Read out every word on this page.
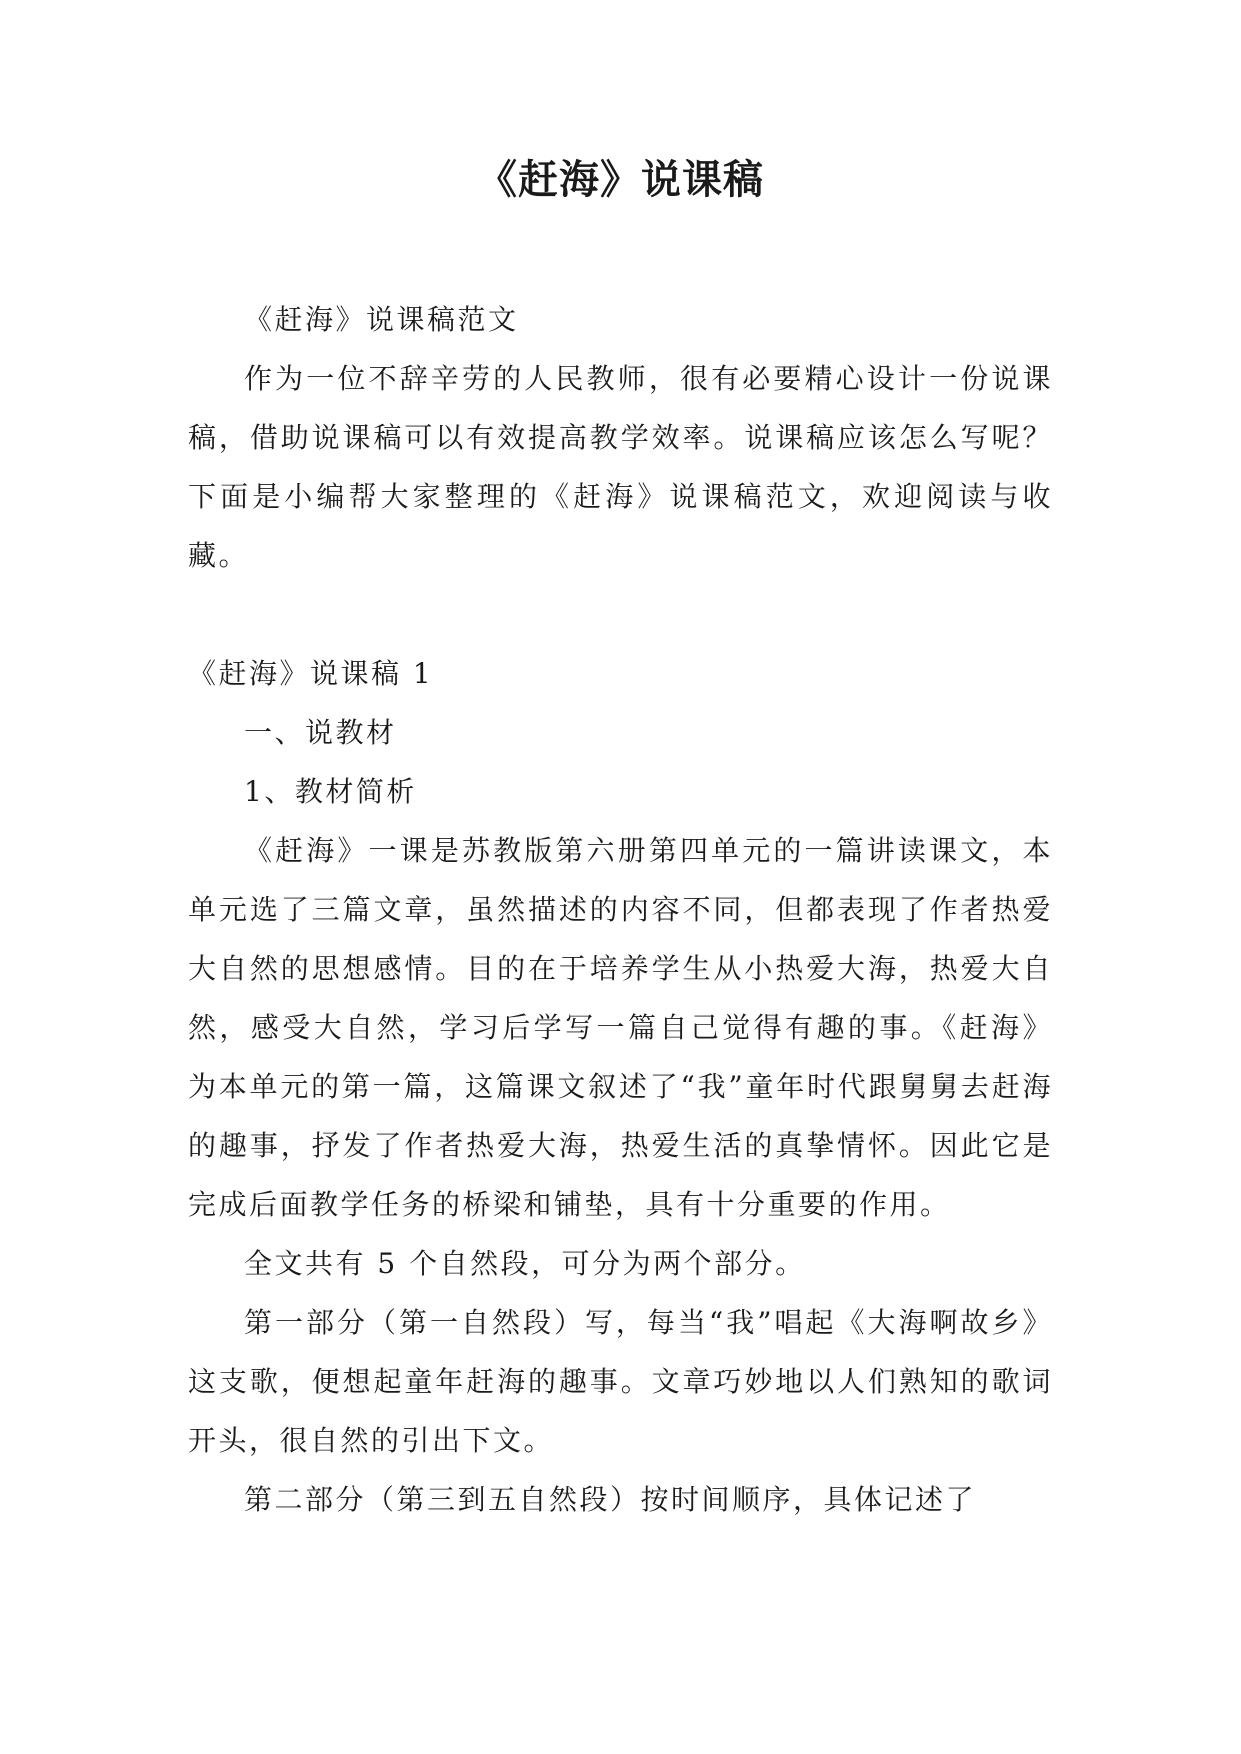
《赶海》说课稿

《赶海》说课稿范文

作为一位不辞辛劳的人民教师，很有必要精心设计一份说课稿，借助说课稿可以有效提高教学效率。说课稿应该怎么写呢？下面是小编帮大家整理的《赶海》说课稿范文，欢迎阅读与收藏。

《赶海》说课稿 1

一、说教材

1、教材简析

《赶海》一课是苏教版第六册第四单元的一篇讲读课文，本单元选了三篇文章，虽然描述的内容不同，但都表现了作者热爱大自然的思想感情。目的在于培养学生从小热爱大海，热爱大自然，感受大自然，学习后学写一篇自己觉得有趣的事。《赶海》为本单元的第一篇，这篇课文叙述了“我”童年时代跟舅舅去赶海的趣事，抒发了作者热爱大海，热爱生活的真挚情怀。因此它是完成后面教学任务的桥梁和铺垫，具有十分重要的作用。

全文共有 5 个自然段，可分为两个部分。

第一部分（第一自然段）写，每当“我”唱起《大海啊故乡》这支歌，便想起童年赶海的趣事。文章巧妙地以人们熟知的歌词开头，很自然的引出下文。

第二部分（第三到五自然段）按时间顺序，具体记述了
